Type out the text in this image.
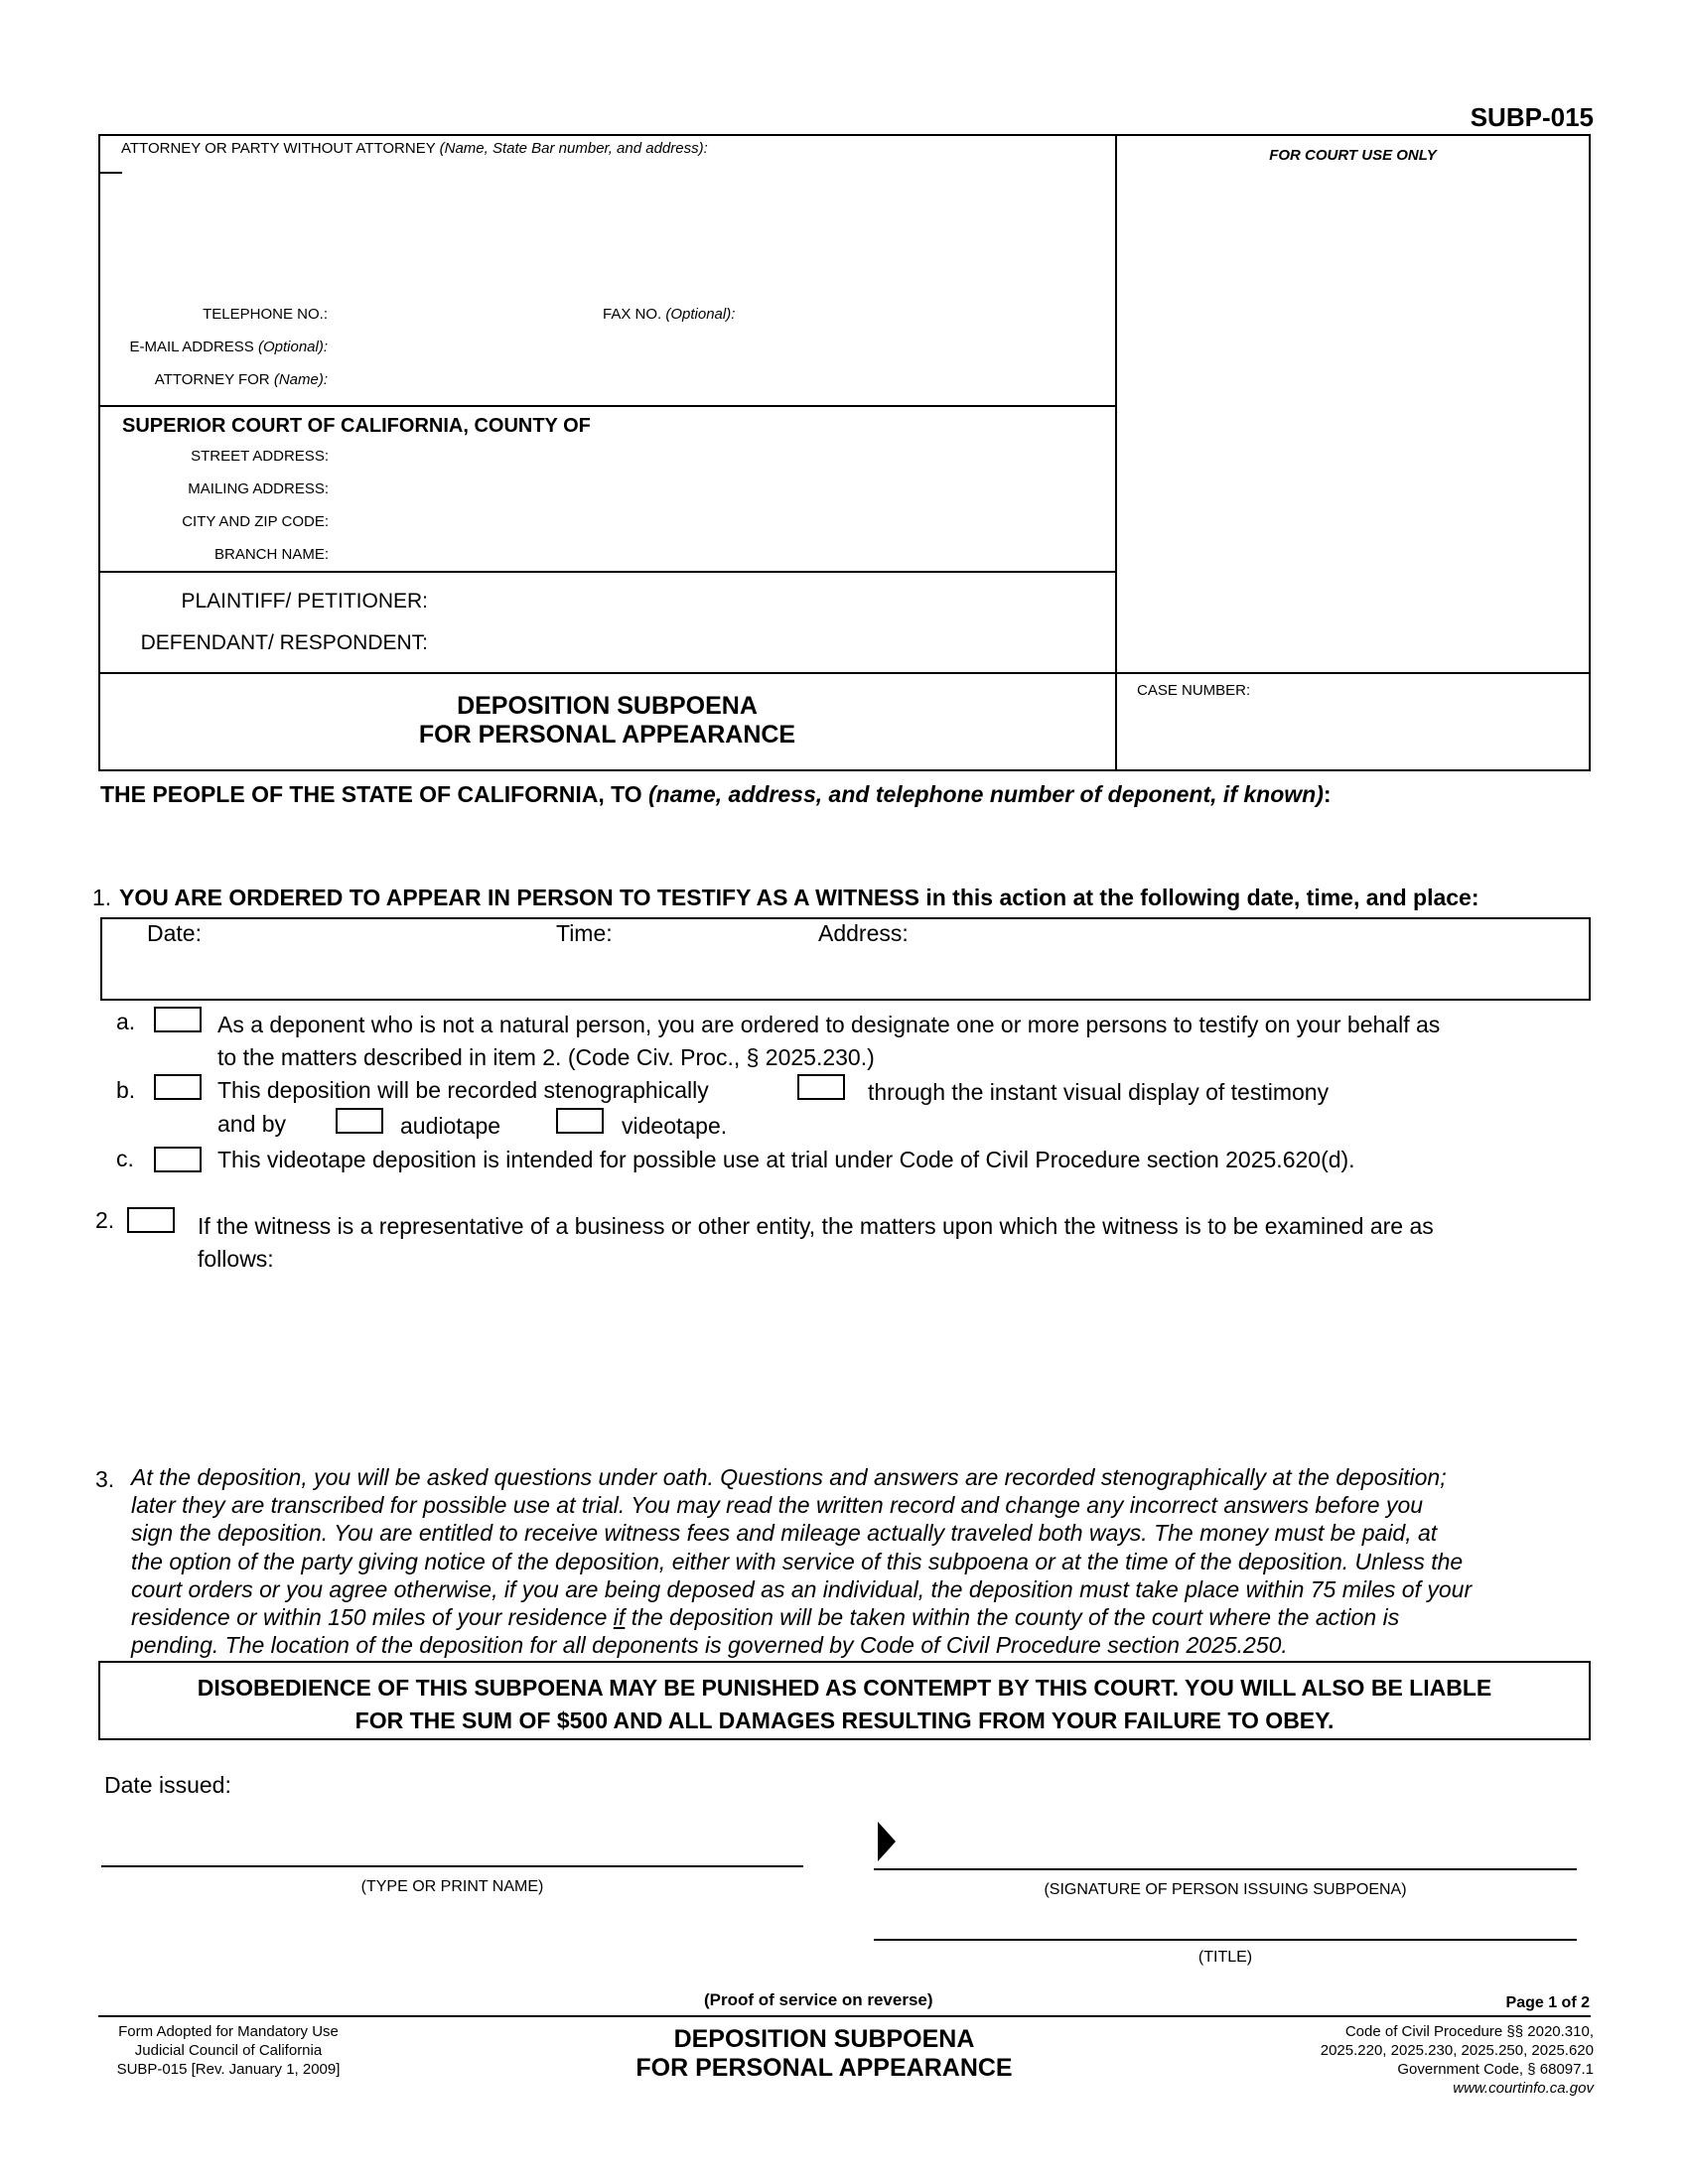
SUBP-015
ATTORNEY OR PARTY WITHOUT ATTORNEY (Name, State Bar number, and address):
TELEPHONE NO.:	FAX NO. (Optional):
E-MAIL ADDRESS (Optional):
ATTORNEY FOR (Name):
FOR COURT USE ONLY
SUPERIOR COURT OF CALIFORNIA, COUNTY OF
STREET ADDRESS:
MAILING ADDRESS:
CITY AND ZIP CODE:
BRANCH NAME:
PLAINTIFF/ PETITIONER:
DEFENDANT/ RESPONDENT:
DEPOSITION SUBPOENA
FOR PERSONAL APPEARANCE
CASE NUMBER:
THE PEOPLE OF THE STATE OF CALIFORNIA, TO (name, address, and telephone number of deponent, if known):
1. YOU ARE ORDERED TO APPEAR IN PERSON TO TESTIFY AS A WITNESS in this action at the following date, time, and place:
Date:	Time:	Address:
a.	As a deponent who is not a natural person, you are ordered to designate one or more persons to testify on your behalf as
to the matters described in item 2. (Code Civ. Proc., § 2025.230.)
b.	This deposition will be recorded stenographically	through the instant visual display of testimony
and by	audiotape	videotape.
c.	This videotape deposition is intended for possible use at trial under Code of Civil Procedure section 2025.620(d).
2.	If the witness is a representative of a business or other entity, the matters upon which the witness is to be examined are as
follows:
3. At the deposition, you will be asked questions under oath. Questions and answers are recorded stenographically at the deposition;
later they are transcribed for possible use at trial. You may read the written record and change any incorrect answers before you
sign the deposition. You are entitled to receive witness fees and mileage actually traveled both ways. The money must be paid, at
the option of the party giving notice of the deposition, either with service of this subpoena or at the time of the deposition. Unless the
court orders or you agree otherwise, if you are being deposed as an individual, the deposition must take place within 75 miles of your
residence or within 150 miles of your residence if the deposition will be taken within the county of the court where the action is
pending. The location of the deposition for all deponents is governed by Code of Civil Procedure section 2025.250.
DISOBEDIENCE OF THIS SUBPOENA MAY BE PUNISHED AS CONTEMPT BY THIS COURT. YOU WILL ALSO BE LIABLE
FOR THE SUM OF $500 AND ALL DAMAGES RESULTING FROM YOUR FAILURE TO OBEY.
Date issued:
(TYPE OR PRINT NAME)	(SIGNATURE OF PERSON ISSUING SUBPOENA)
(TITLE)
(Proof of service on reverse)	Page 1 of 2
Form Adopted for Mandatory Use
Judicial Council of California
SUBP-015 [Rev. January 1, 2009]
DEPOSITION SUBPOENA
FOR PERSONAL APPEARANCE
Code of Civil Procedure §§ 2020.310,
2025.220, 2025.230, 2025.250, 2025.620
Government Code, § 68097.1
www.courtinfo.ca.gov
